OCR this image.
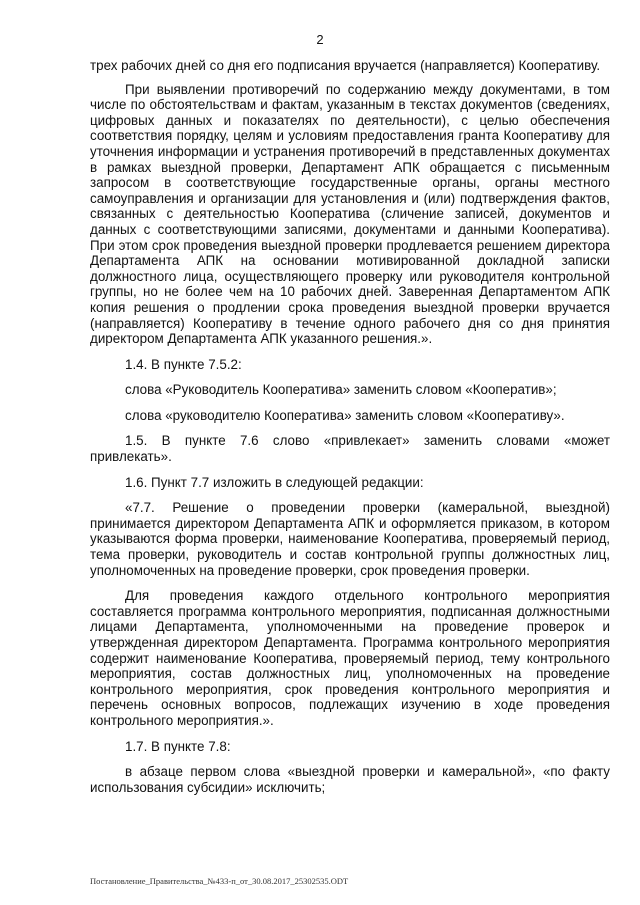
2

трех рабочих дней со дня его подписания вручается (направляется) Кооперативу.

При выявлении противоречий по содержанию между документами, в том числе по обстоятельствам и фактам, указанным в текстах документов (сведениях, цифровых данных и показателях по деятельности), с целью обеспечения соответствия порядку, целям и условиям предоставления гранта Кооперативу для уточнения информации и устранения противоречий в представленных документах в рамках выездной проверки, Департамент АПК обращается с письменным запросом в соответствующие государственные органы, органы местного самоуправления и организации для установления и (или) подтверждения фактов, связанных с деятельностью Кооператива (сличение записей, документов и данных с соответствующими записями, документами и данными Кооператива). При этом срок проведения выездной проверки продлевается решением директора Департамента АПК на основании мотивированной докладной записки должностного лица, осуществляющего проверку или руководителя контрольной группы, но не более чем на 10 рабочих дней. Заверенная Департаментом АПК копия решения о продлении срока проведения выездной проверки вручается (направляется) Кооперативу в течение одного рабочего дня со дня принятия директором Департамента АПК указанного решения.».

1.4. В пункте 7.5.2:

слова «Руководитель Кооператива» заменить словом «Кооператив»;

слова «руководителю Кооператива» заменить словом «Кооперативу».

1.5. В пункте 7.6 слово «привлекает» заменить словами «может привлекать».

1.6. Пункт 7.7 изложить в следующей редакции:

«7.7. Решение о проведении проверки (камеральной, выездной) принимается директором Департамента АПК и оформляется приказом, в котором указываются форма проверки, наименование Кооператива, проверяемый период, тема проверки, руководитель и состав контрольной группы должностных лиц, уполномоченных на проведение проверки, срок проведения проверки.

Для проведения каждого отдельного контрольного мероприятия составляется программа контрольного мероприятия, подписанная должностными лицами Департамента, уполномоченными на проведение проверок и утвержденная директором Департамента. Программа контрольного мероприятия содержит наименование Кооператива, проверяемый период, тему контрольного мероприятия, состав должностных лиц, уполномоченных на проведение контрольного мероприятия, срок проведения контрольного мероприятия и перечень основных вопросов, подлежащих изучению в ходе проведения контрольного мероприятия.».

1.7. В пункте 7.8:

в абзаце первом слова «выездной проверки и камеральной», «по факту использования субсидии» исключить;

Постановление_Правительства_№433-п_от_30.08.2017_25302535.ODT
